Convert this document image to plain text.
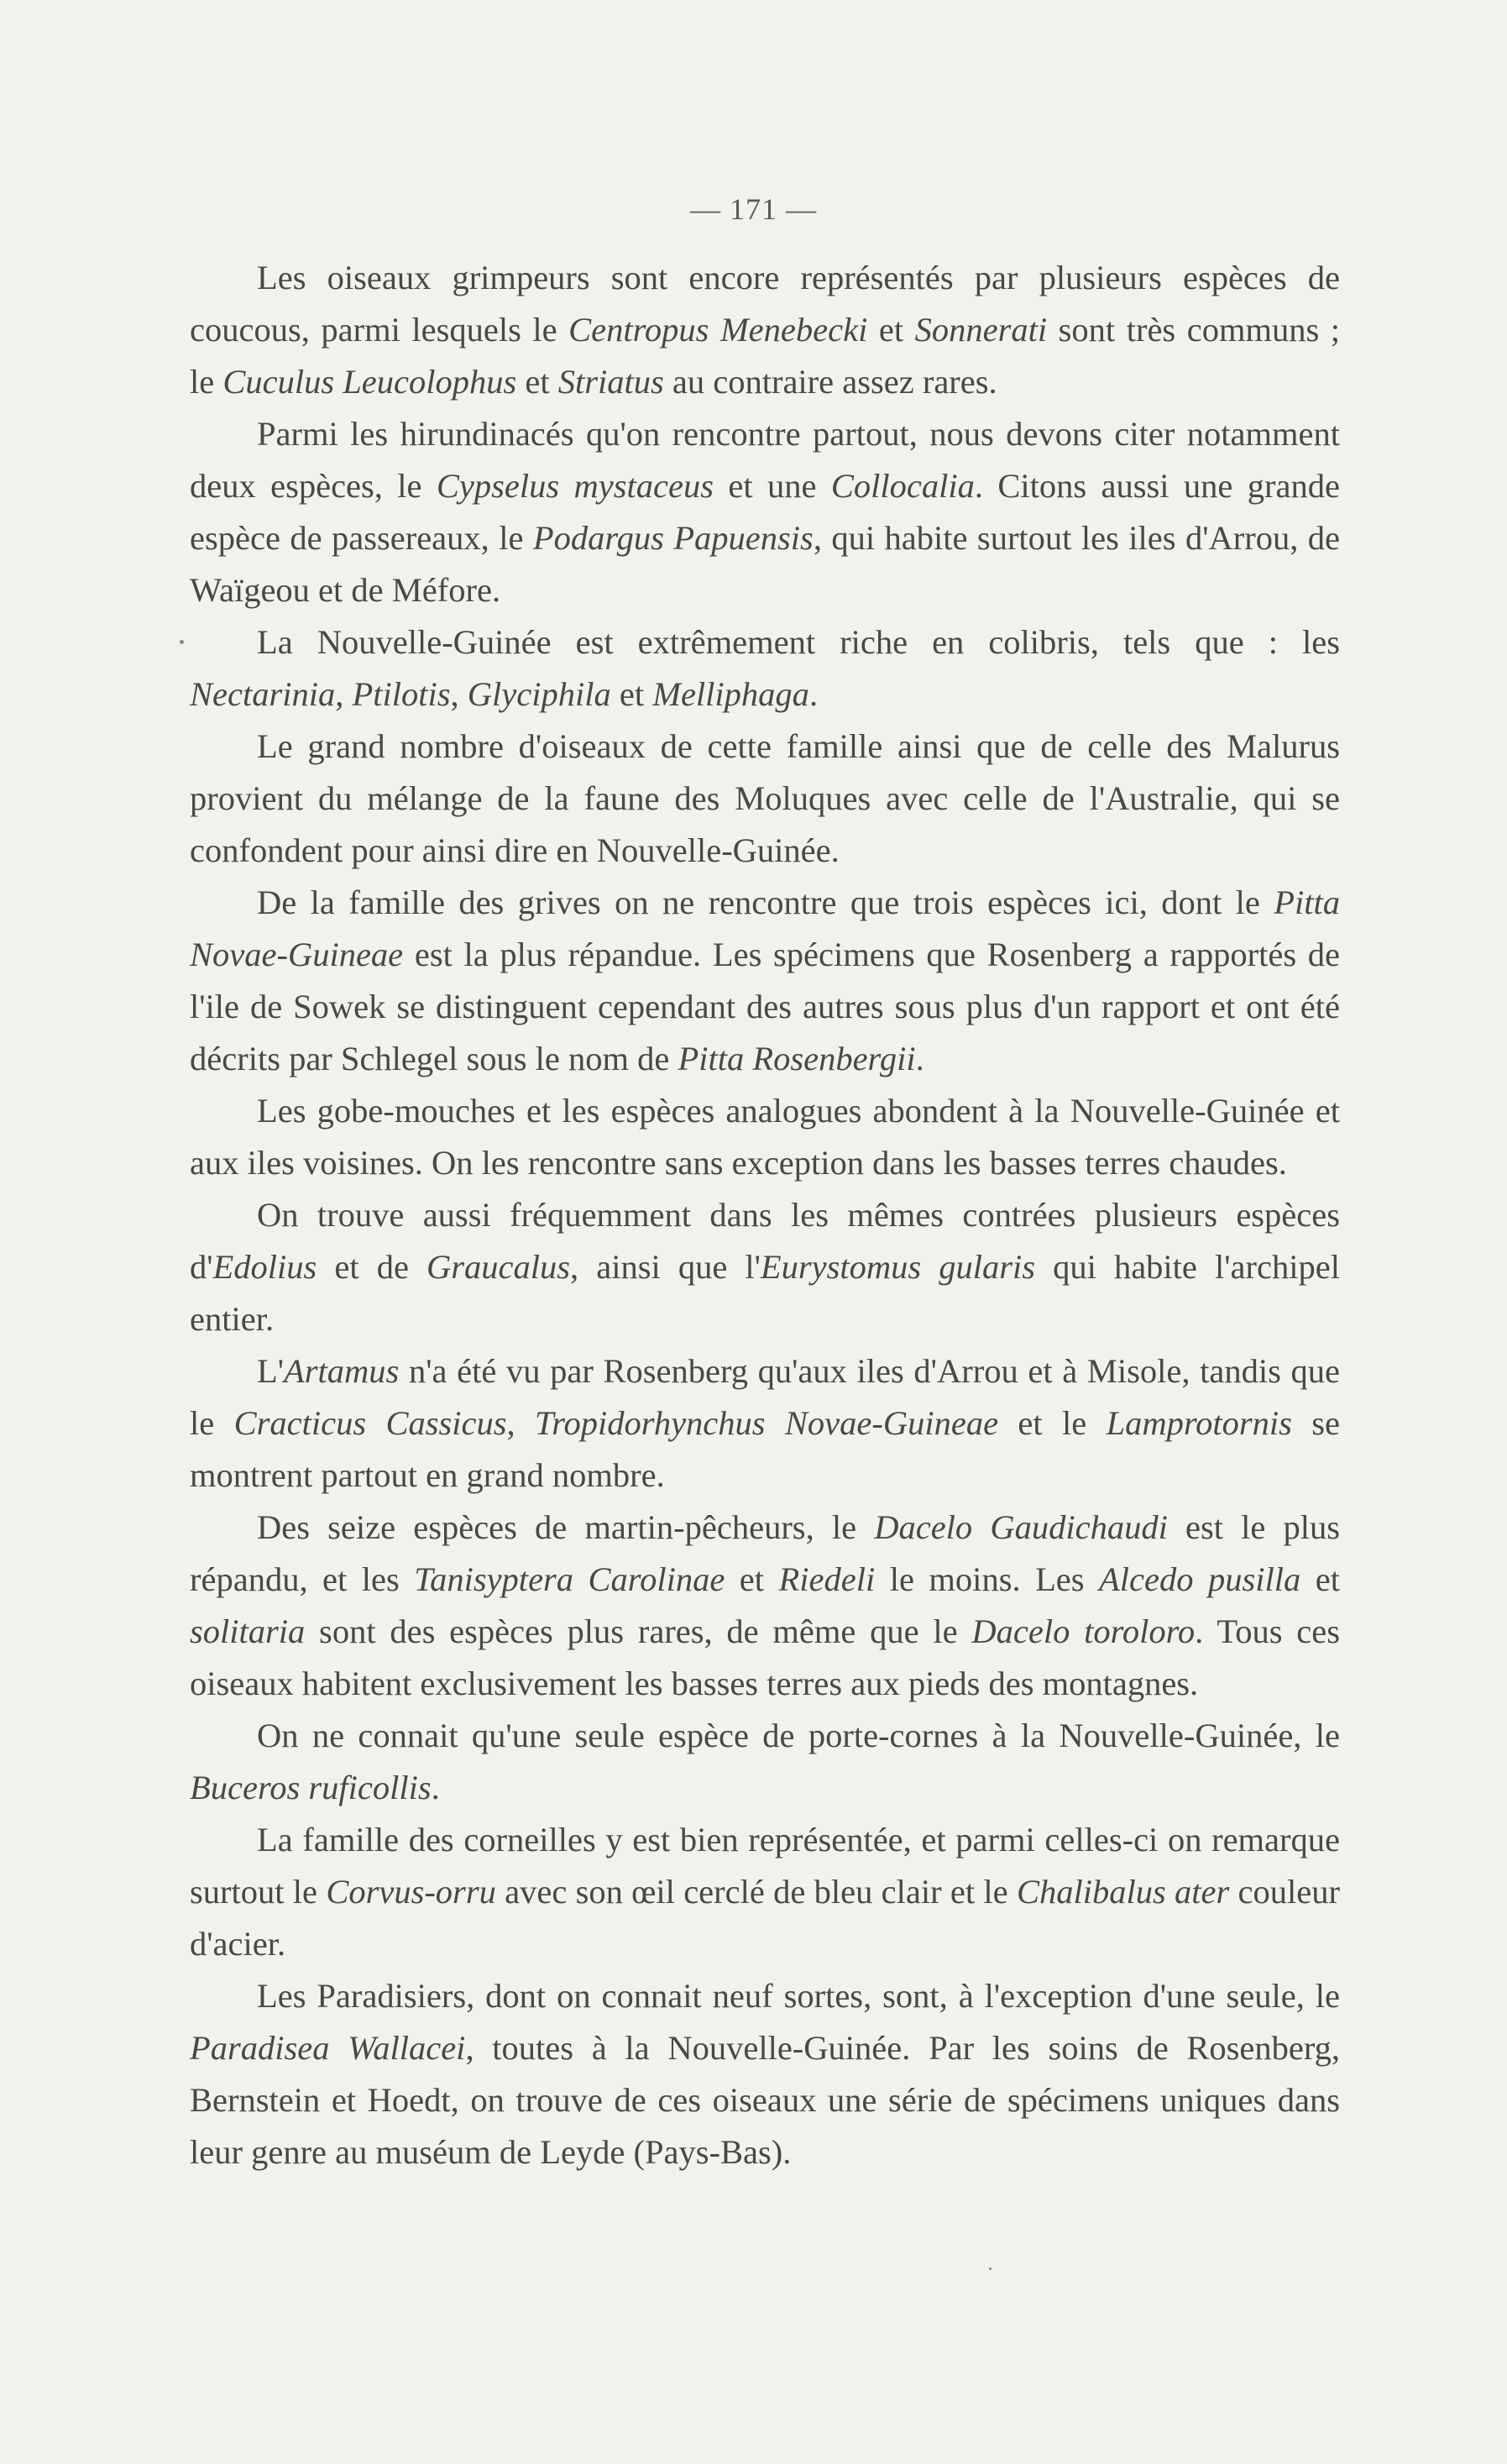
— 171 —

Les oiseaux grimpeurs sont encore représentés par plusieurs espèces de coucous, parmi lesquels le Centropus Menebecki et Sonnerati sont très communs ; le Cuculus Leucolophus et Striatus au contraire assez rares.

Parmi les hirundinacés qu'on rencontre partout, nous devons citer notamment deux espèces, le Cypselus mystaceus et une Collocalia. Citons aussi une grande espèce de passereaux, le Podargus Papuensis, qui habite surtout les iles d'Arrou, de Waïgeou et de Méfore.

La Nouvelle-Guinée est extrêmement riche en colibris, tels que : les Nectarinia, Ptilotis, Glyciphila et Melliphaga.

Le grand nombre d'oiseaux de cette famille ainsi que de celle des Malurus provient du mélange de la faune des Moluques avec celle de l'Australie, qui se confondent pour ainsi dire en Nouvelle-Guinée.

De la famille des grives on ne rencontre que trois espèces ici, dont le Pitta Novae-Guineae est la plus répandue. Les spécimens que Rosenberg a rapportés de l'ile de Sowek se distinguent cependant des autres sous plus d'un rapport et ont été décrits par Schlegel sous le nom de Pitta Rosenbergii.

Les gobe-mouches et les espèces analogues abondent à la Nouvelle-Guinée et aux iles voisines. On les rencontre sans exception dans les basses terres chaudes.

On trouve aussi fréquemment dans les mêmes contrées plusieurs espèces d'Edolius et de Graucalus, ainsi que l'Eurystomus gularis qui habite l'archipel entier.

L'Artamus n'a été vu par Rosenberg qu'aux iles d'Arrou et à Misole, tandis que le Cracticus Cassicus, Tropidorhynchus Novae-Guineae et le Lamprotornis se montrent partout en grand nombre.

Des seize espèces de martin-pêcheurs, le Dacelo Gaudichaudi est le plus répandu, et les Tanisyptera Carolinae et Riedeli le moins. Les Alcedo pusilla et solitaria sont des espèces plus rares, de même que le Dacelo toroloro. Tous ces oiseaux habitent exclusivement les basses terres aux pieds des montagnes.

On ne connait qu'une seule espèce de porte-cornes à la Nouvelle-Guinée, le Buceros ruficollis.

La famille des corneilles y est bien représentée, et parmi celles-ci on remarque surtout le Corvus-orru avec son œil cerclé de bleu clair et le Chalibalus ater couleur d'acier.

Les Paradisiers, dont on connait neuf sortes, sont, à l'exception d'une seule, le Paradisea Wallacei, toutes à la Nouvelle-Guinée. Par les soins de Rosenberg, Bernstein et Hoedt, on trouve de ces oiseaux une série de spécimens uniques dans leur genre au muséum de Leyde (Pays-Bas).
